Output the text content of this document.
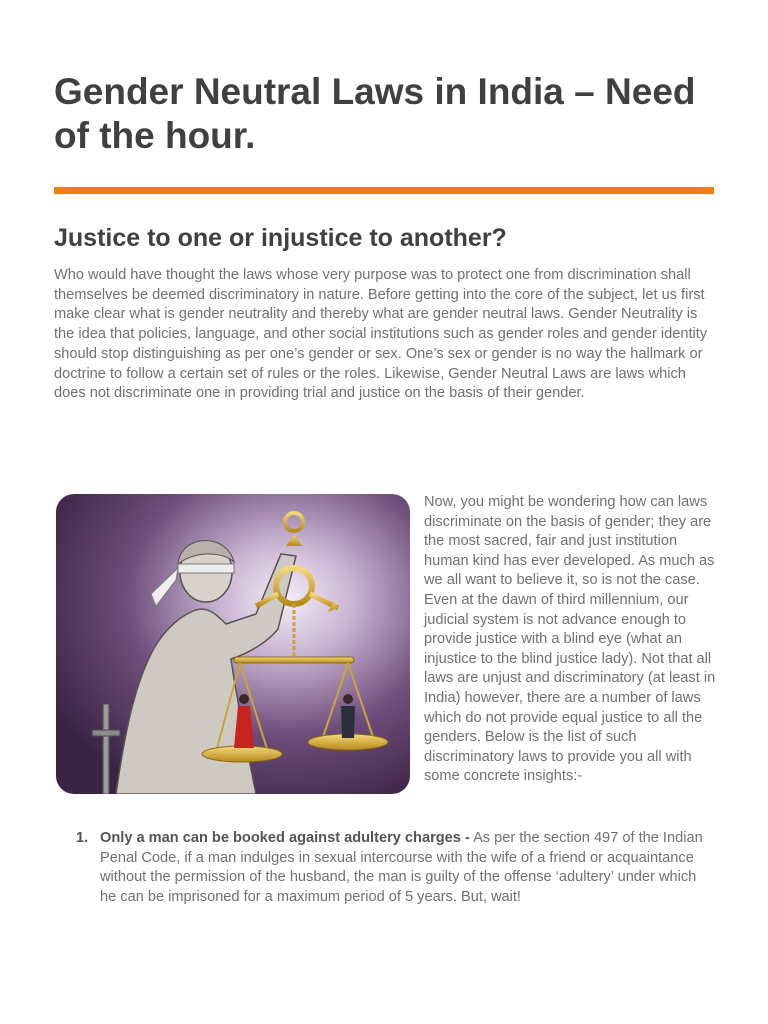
Gender Neutral Laws in India – Need of the hour.
Justice to one or injustice to another?

Who would have thought the laws whose very purpose was to protect one from discrimination shall themselves be deemed discriminatory in nature. Before getting into the core of the subject, let us first make clear what is gender neutrality and thereby what are gender neutral laws. Gender Neutrality is the idea that policies, language, and other social institutions such as gender roles and gender identity should stop distinguishing as per one’s gender or sex. One’s sex or gender is no way the hallmark or doctrine to follow a certain set of rules or the roles. Likewise, Gender Neutral Laws are laws which does not discriminate one in providing trial and justice on the basis of their gender.

Now, you might be wondering how can laws discriminate on the basis of gender; they are the most sacred, fair and just institution human kind has ever developed. As much as we all want to believe it, so is not the case. Even at the dawn of third millennium, our judicial system is not advance enough to provide justice with a blind eye (what an injustice to the blind justice lady). Not that all laws are unjust and discriminatory (at least in India) however, there are a number of laws which do not provide equal justice to all the genders. Below is the list of such discriminatory laws to provide you all with some concrete insights:-

1. Only a man can be booked against adultery charges - As per the section 497 of the Indian Penal Code, if a man indulges in sexual intercourse with the wife of a friend or acquaintance without the permission of the husband, the man is guilty of the offense ‘adultery’ under which he can be imprisoned for a maximum period of 5 years. But, wait!
